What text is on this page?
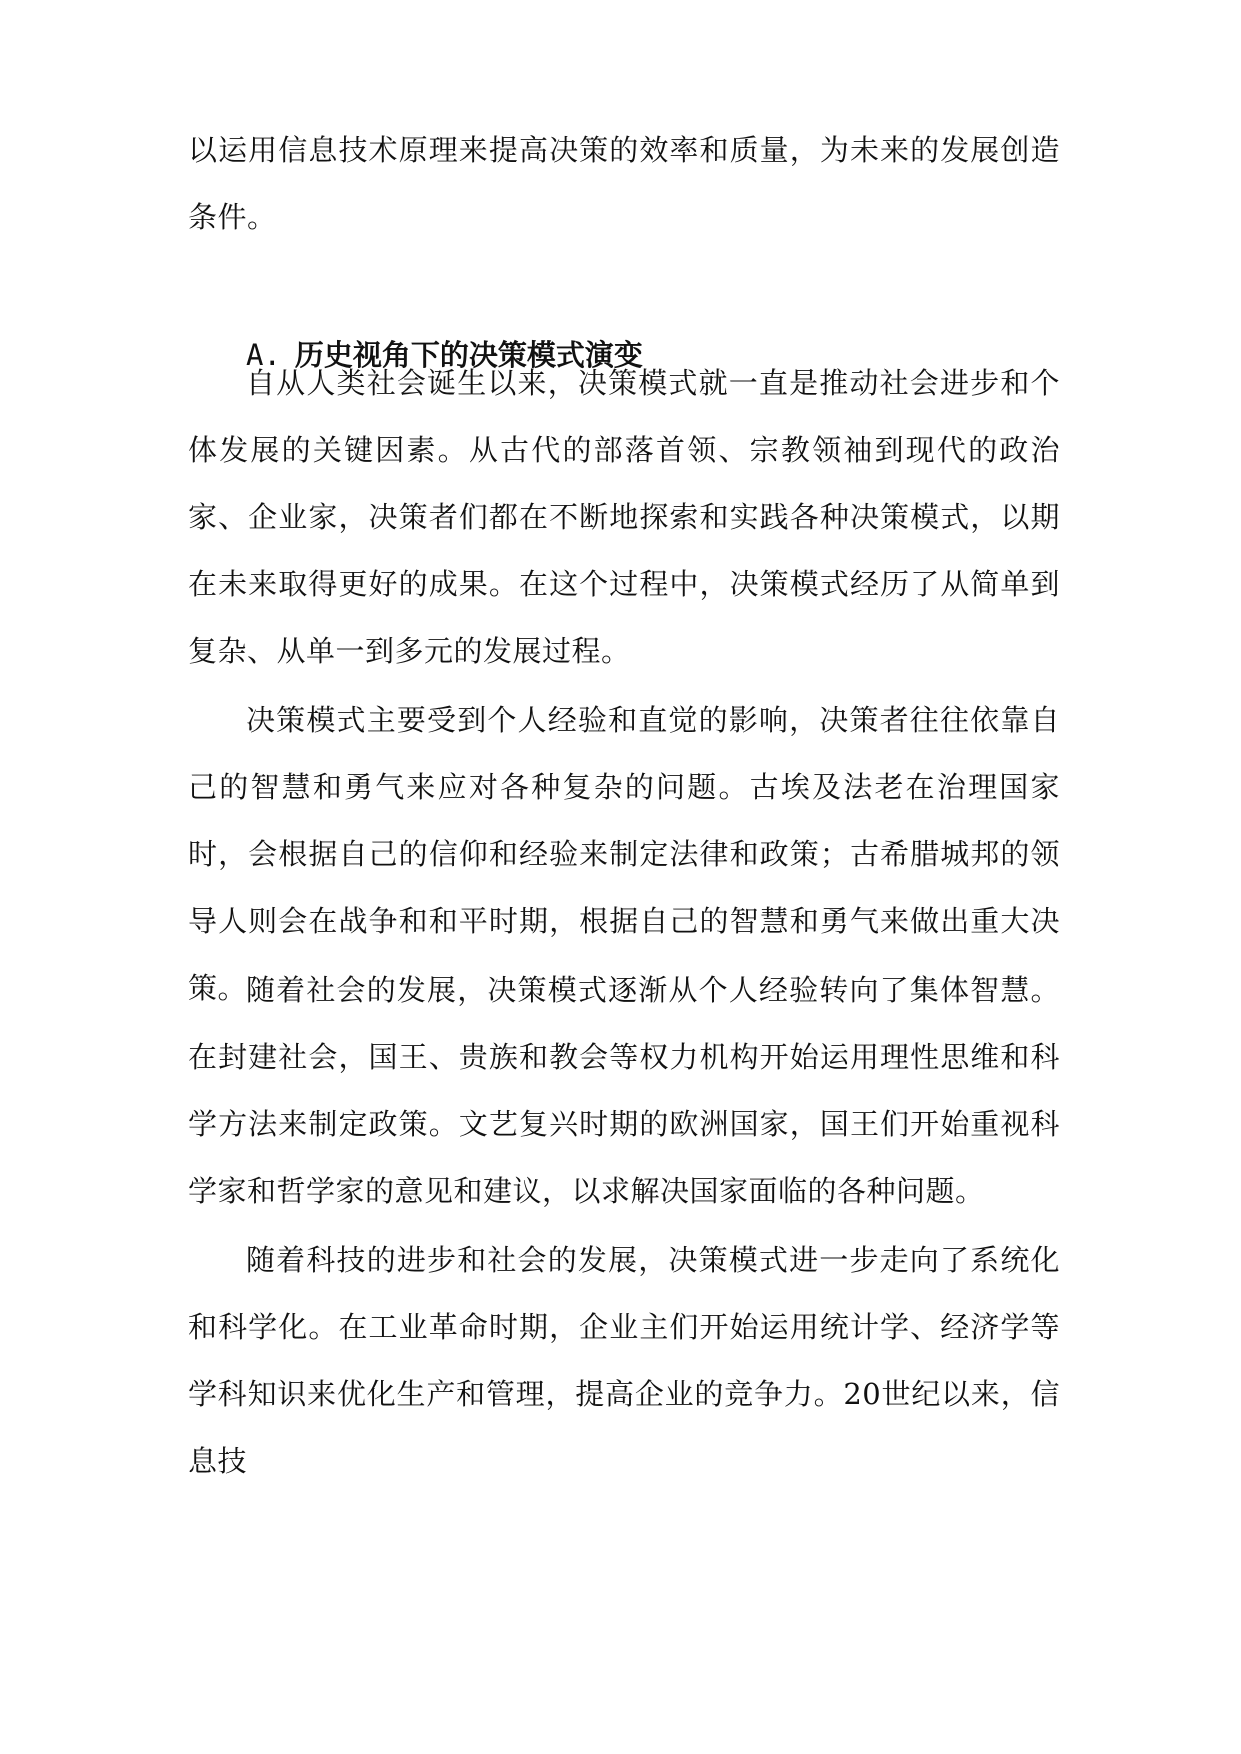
以运用信息技术原理来提高决策的效率和质量，为未来的发展创造条件。

A. 历史视角下的决策模式演变

自从人类社会诞生以来，决策模式就一直是推动社会进步和个体发展的关键因素。从古代的部落首领、宗教领袖到现代的政治家、企业家，决策者们都在不断地探索和实践各种决策模式，以期在未来取得更好的成果。在这个过程中，决策模式经历了从简单到复杂、从单一到多元的发展过程。

决策模式主要受到个人经验和直觉的影响，决策者往往依靠自己的智慧和勇气来应对各种复杂的问题。古埃及法老在治理国家时，会根据自己的信仰和经验来制定法律和政策；古希腊城邦的领导人则会在战争和和平时期，根据自己的智慧和勇气来做出重大决策。

随着社会的发展，决策模式逐渐从个人经验转向了集体智慧。在封建社会，国王、贵族和教会等权力机构开始运用理性思维和科学方法来制定政策。文艺复兴时期的欧洲国家，国王们开始重视科学家和哲学家的意见和建议，以求解决国家面临的各种问题。

随着科技的进步和社会的发展，决策模式进一步走向了系统化和科学化。在工业革命时期，企业主们开始运用统计学、经济学等学科知识来优化生产和管理，提高企业的竞争力。20世纪以来，信息技
